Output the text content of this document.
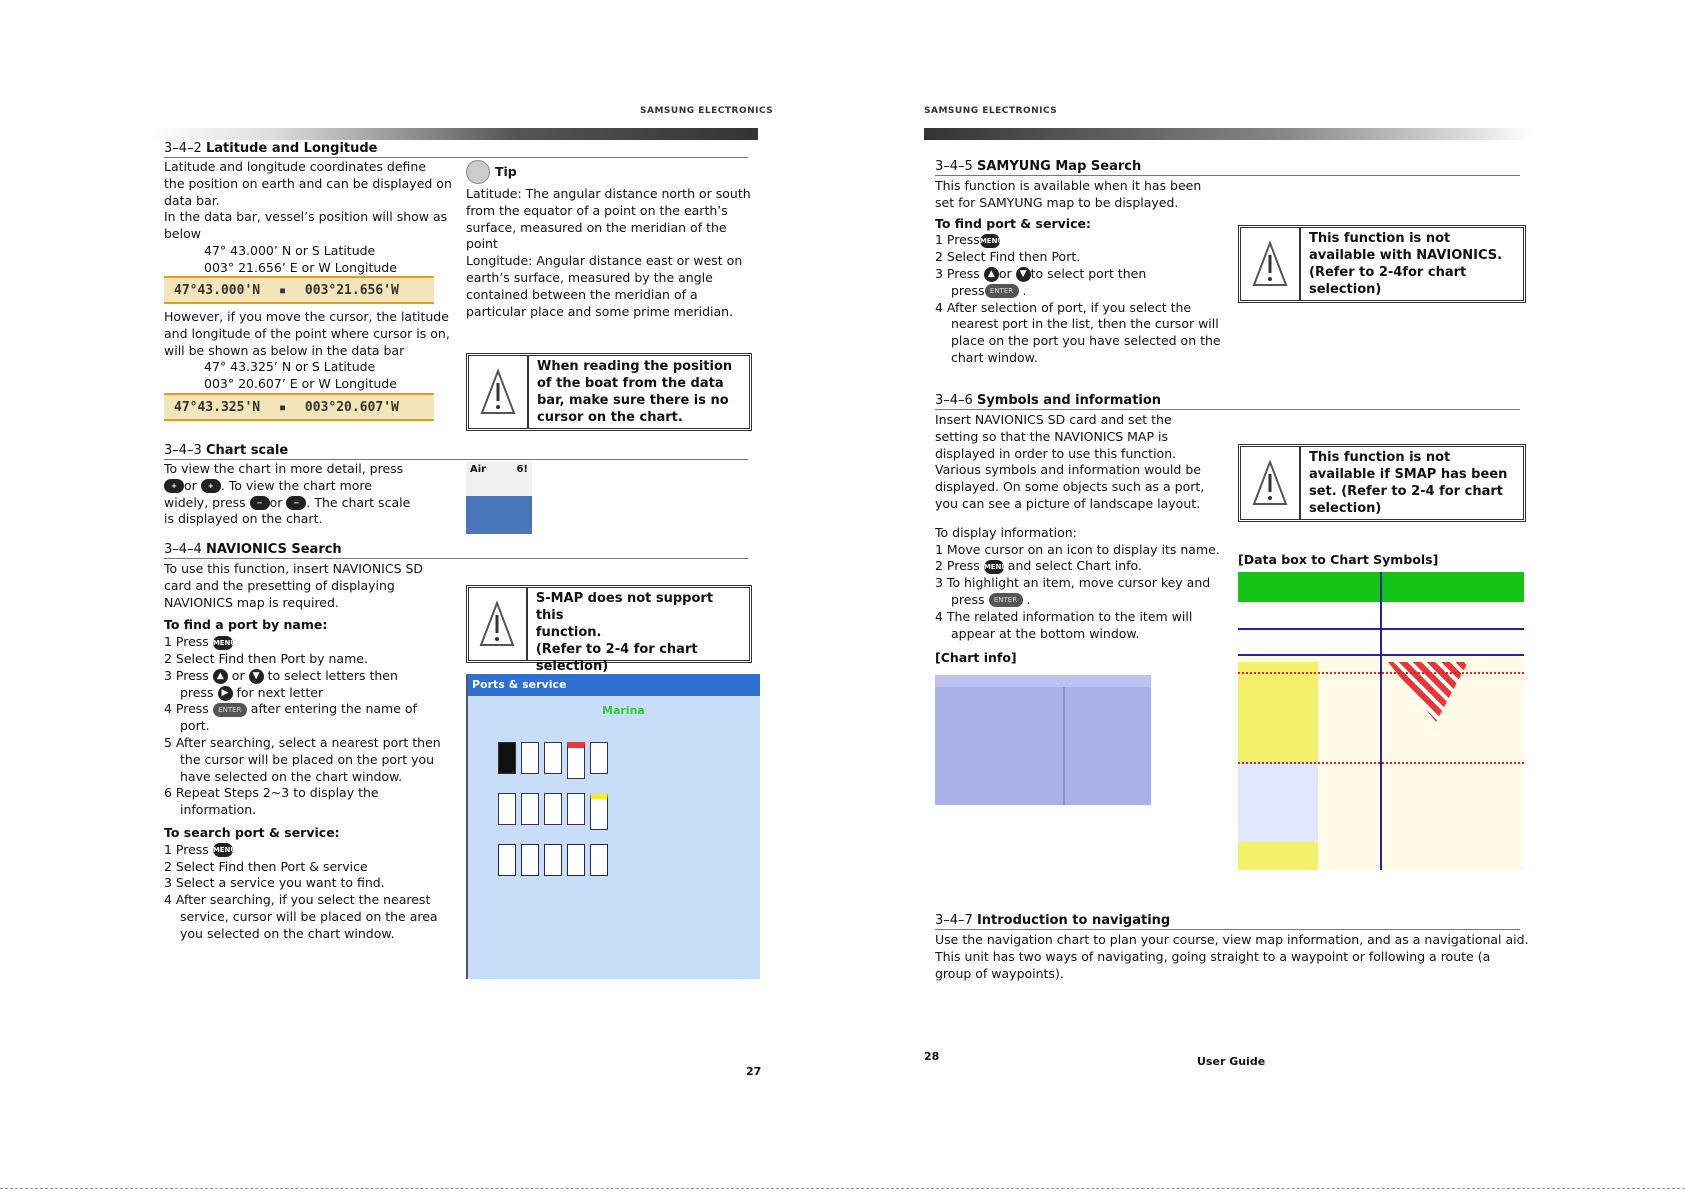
SAMSUNG ELECTRONICS
3–4–2 Latitude and Longitude
Latitude and longitude coordinates define
the position on earth and can be displayed on
data bar.
In the data bar, vessel’s position will show as
below
47° 43.000’ N or S Latitude
003° 21.656’ E or W Longitude
47°43.000'N	■	003°21.656'W
However, if you move the cursor, the latitude
and longitude of the point where cursor is on,
will be shown as below in the data bar
47° 43.325’ N or S Latitude
003° 20.607’ E or W Longitude
47°43.325'N	■	003°20.607'W
Tip
Latitude: The angular distance north or south
from the equator of a point on the earth’s
surface, measured on the meridian of the
point
Longitude: Angular distance east or west on
earth’s surface, measured by the angle
contained between the meridian of a
particular place and some prime meridian.
When reading the position
of the boat from the data
bar, make sure there is no
cursor on the chart.
3–4–3 Chart scale
To view the chart in more detail, press
+ or + . To view the chart more
widely, press − or − . The chart scale
is displayed on the chart.
Air	6!
3–4–4 NAVIONICS Search
To use this function, insert NAVIONICS SD
card and the presetting of displaying
NAVIONICS map is required.
To find a port by name:
1 Press MENU
2 Select Find then Port by name.
3 Press ▲ or ▼ to select letters then
press ▶ for next letter
4 Press ENTER after entering the name of
port.
5 After searching, select a nearest port then
the cursor will be placed on the port you
have selected on the chart window.
6 Repeat Steps 2~3 to display the
information.
To search port & service:
1 Press MENU
2 Select Find then Port & service
3 Select a service you want to find.
4 After searching, if you select the nearest
service, cursor will be placed on the area
you selected on the chart window.
S-MAP does not support this
function.
(Refer to 2-4 for chart
selection)
Ports & service
Marina
27
SAMSUNG ELECTRONICS
3–4–5 SAMYUNG Map Search
This function is available when it has been
set for SAMYUNG map to be displayed.
To find port & service:
1 PressMENU
2 Select Find then Port.
3 Press ▲ or ▼ to select port then
press ENTER .
4 After selection of port, if you select the
nearest port in the list, then the cursor will
place on the port you have selected on the
chart window.
This function is not
available with NAVIONICS.
(Refer to 2-4for chart
selection)
3–4–6 Symbols and information
Insert NAVIONICS SD card and set the
setting so that the NAVIONICS MAP is
displayed in order to use this function.
Various symbols and information would be
displayed. On some objects such as a port,
you can see a picture of landscape layout.
To display information:
1 Move cursor on an icon to display its name.
2 Press MENU and select Chart info.
3 To highlight an item, move cursor key and
press ENTER .
4 The related information to the item will
appear at the bottom window.
[Chart info]
This function is not
available if SMAP has been
set. (Refer to 2-4 for chart
selection)
[Data box to Chart Symbols]
3–4–7 Introduction to navigating
Use the navigation chart to plan your course, view map information, and as a navigational aid.
This unit has two ways of navigating, going straight to a waypoint or following a route (a
group of waypoints).
28	User Guide
